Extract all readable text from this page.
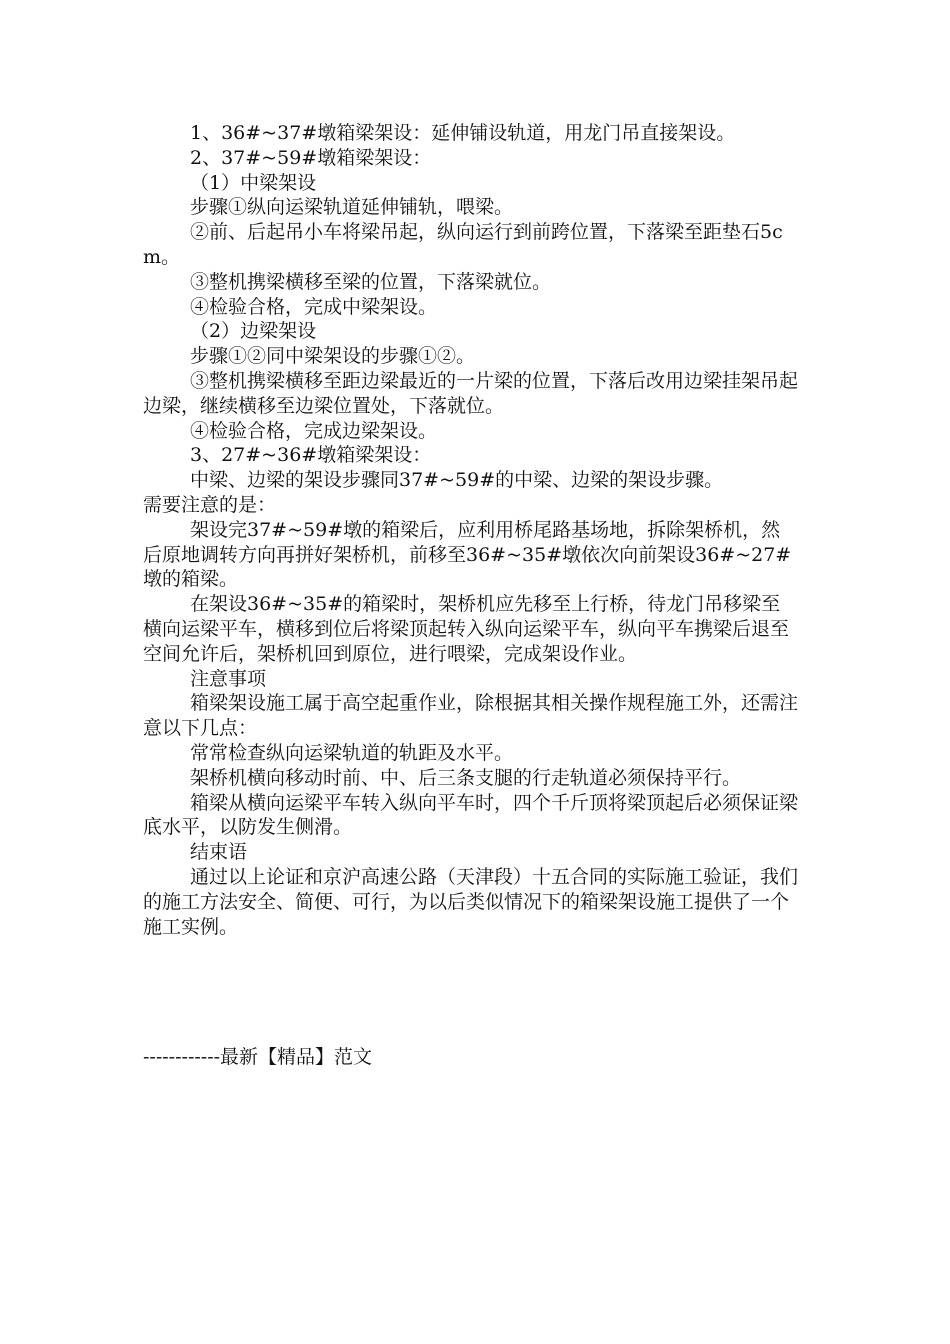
1、36#~37#墩箱梁架设：延伸铺设轨道，用龙门吊直接架设。

2、37#~59#墩箱梁架设：

（1）中梁架设

步骤①纵向运梁轨道延伸铺轨，喂梁。

②前、后起吊小车将梁吊起，纵向运行到前跨位置，下落梁至距垫石5cm。

③整机携梁横移至梁的位置，下落梁就位。

④检验合格，完成中梁架设。

（2）边梁架设

步骤①②同中梁架设的步骤①②。

③整机携梁横移至距边梁最近的一片梁的位置，下落后改用边梁挂架吊起边梁，继续横移至边梁位置处，下落就位。

④检验合格，完成边梁架设。

3、27#~36#墩箱梁架设：

中梁、边梁的架设步骤同37#~59#的中梁、边梁的架设步骤。

需要注意的是：

架设完37#~59#墩的箱梁后，应利用桥尾路基场地，拆除架桥机，然后原地调转方向再拼好架桥机，前移至36#~35#墩依次向前架设36#~27#墩的箱梁。

在架设36#~35#的箱梁时，架桥机应先移至上行桥，待龙门吊移梁至横向运梁平车，横移到位后将梁顶起转入纵向运梁平车，纵向平车携梁后退至空间允许后，架桥机回到原位，进行喂梁，完成架设作业。

注意事项

箱梁架设施工属于高空起重作业，除根据其相关操作规程施工外，还需注意以下几点：

常常检查纵向运梁轨道的轨距及水平。

架桥机横向移动时前、中、后三条支腿的行走轨道必须保持平行。

箱梁从横向运梁平车转入纵向平车时，四个千斤顶将梁顶起后必须保证梁底水平，以防发生侧滑。

结束语

通过以上论证和京沪高速公路（天津段）十五合同的实际施工验证，我们的施工方法安全、简便、可行，为以后类似情况下的箱梁架设施工提供了一个施工实例。

------------最新【精品】范文
